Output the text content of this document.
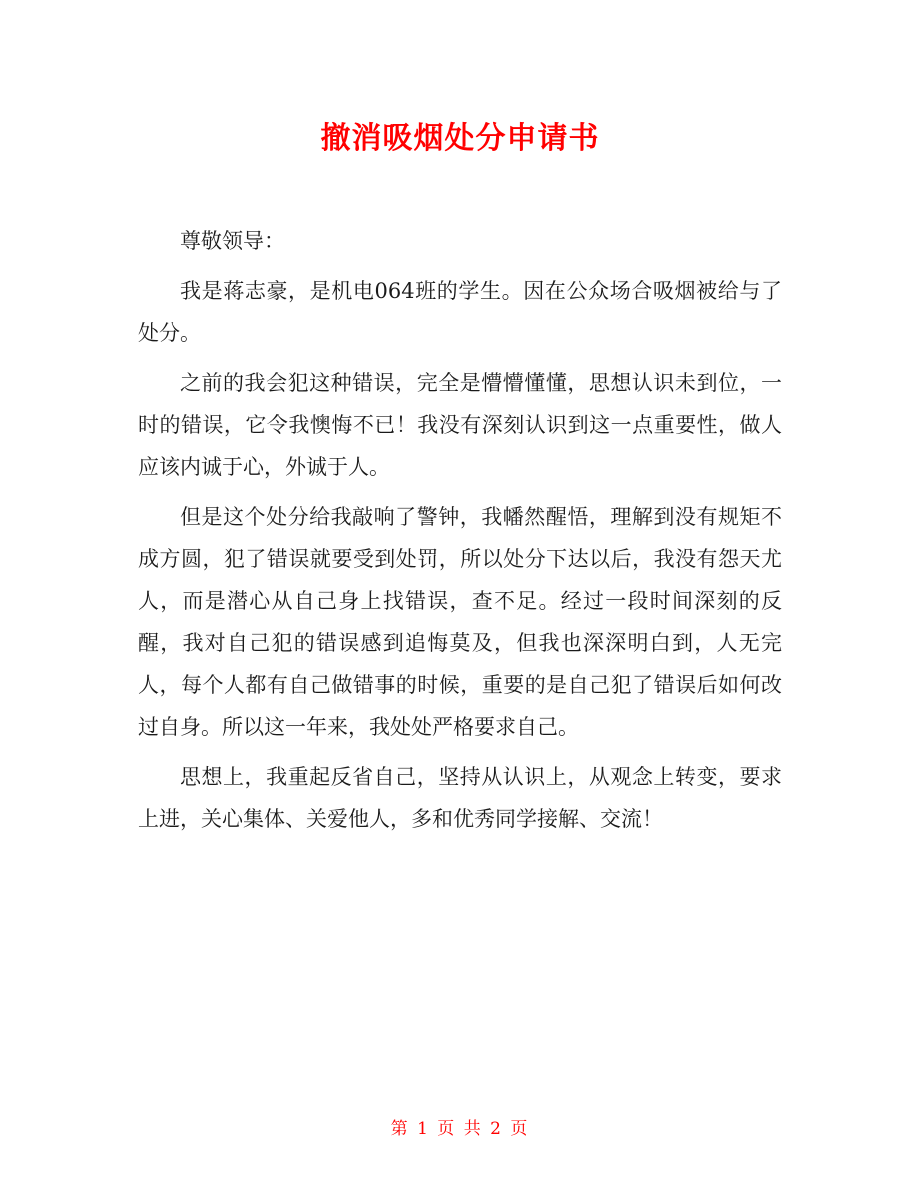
撤消吸烟处分申请书

尊敬领导：

我是蒋志豪，是机电064班的学生。因在公众场合吸烟被给与了处分。

之前的我会犯这种错误，完全是懵懵懂懂，思想认识未到位，一时的错误，它令我懊悔不已！我没有深刻认识到这一点重要性，做人应该内诚于心，外诚于人。

但是这个处分给我敲响了警钟，我幡然醒悟，理解到没有规矩不成方圆，犯了错误就要受到处罚，所以处分下达以后，我没有怨天尤人，而是潜心从自己身上找错误，查不足。经过一段时间深刻的反醒，我对自己犯的错误感到追悔莫及，但我也深深明白到，人无完人，每个人都有自己做错事的时候，重要的是自己犯了错误后如何改过自身。所以这一年来，我处处严格要求自己。

思想上，我重起反省自己，坚持从认识上，从观念上转变，要求上进，关心集体、关爱他人，多和优秀同学接解、交流！

第 1 页 共 2 页
